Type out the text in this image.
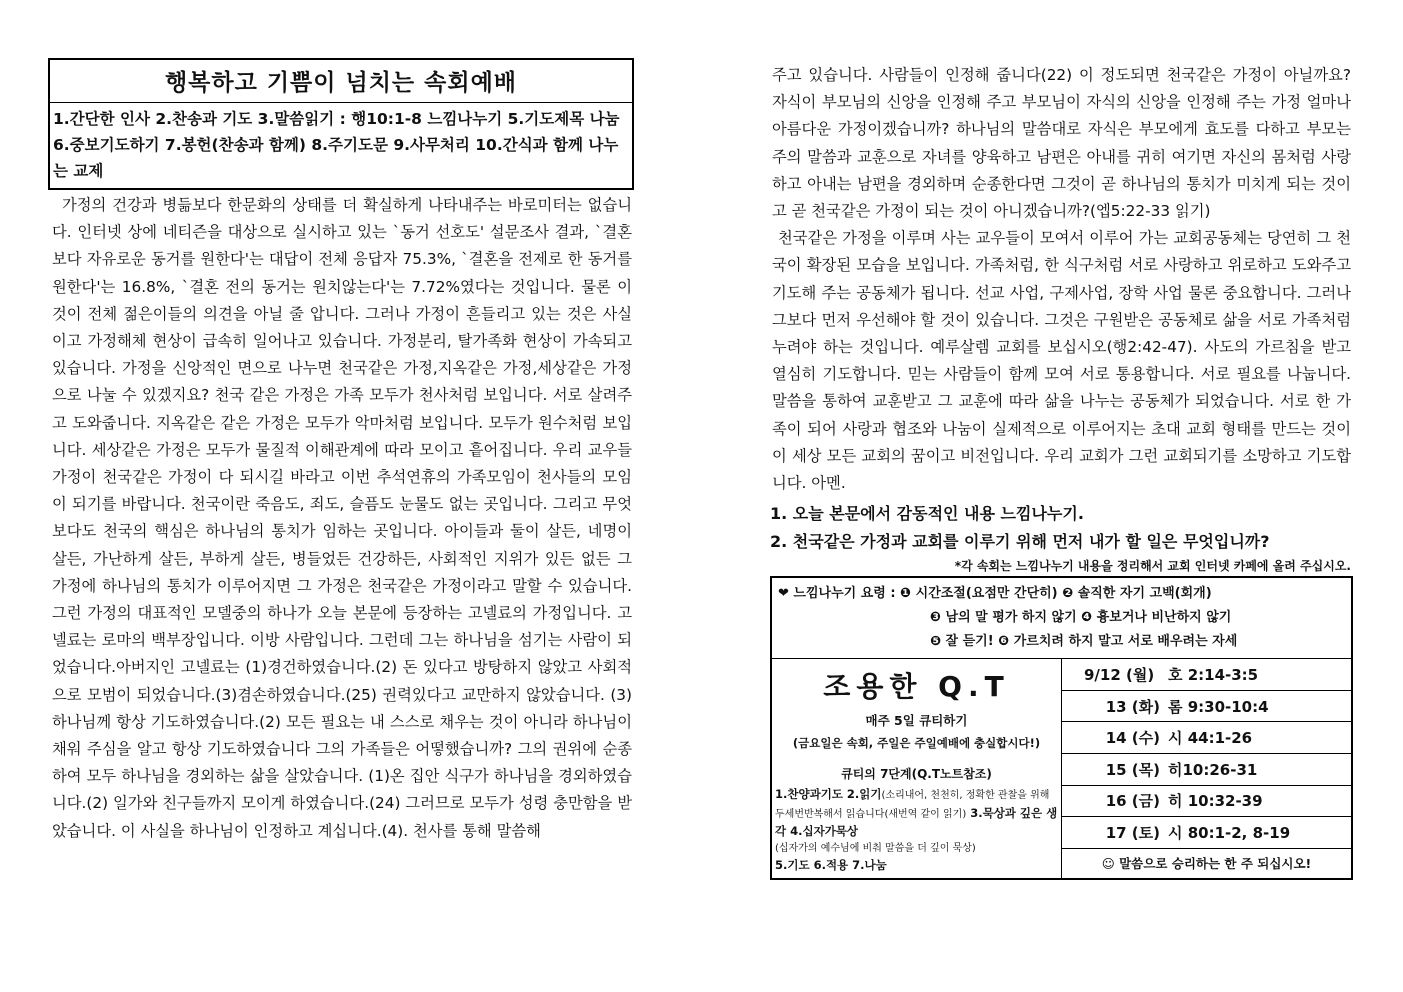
행복하고 기쁨이 넘치는 속회예배
1.간단한 인사 2.찬송과 기도 3.말씀읽기 : 행10:1-8 느낌나누기 5.기도제목 나눔 6.중보기도하기 7.봉헌(찬송과 함께) 8.주기도문 9.사무처리 10.간식과 함께 나누는 교제

가정의 건강과 병듦보다 한문화의 상태를 더 확실하게 나타내주는 바로미터는 없습니다. 인터넷 상에 네티즌을 대상으로 실시하고 있는 `동거 선호도' 설문조사 결과, `결혼보다 자유로운 동거를 원한다'는 대답이 전체 응답자 75.3%, `결혼을 전제로 한 동거를 원한다'는 16.8%, `결혼 전의 동거는 원치않는다'는 7.72%였다는 것입니다. 물론 이것이 전체 젊은이들의 의견을 아닐 줄 압니다. 그러나 가정이 흔들리고 있는 것은 사실이고 가정해체 현상이 급속히 일어나고 있습니다. 가정분리, 탈가족화 현상이 가속되고 있습니다. 가정을 신앙적인 면으로 나누면 천국같은 가정,지옥같은 가정,세상같은 가정으로 나눌 수 있겠지요? 천국 같은 가정은 가족 모두가 천사처럼 보입니다. 서로 살려주고 도와줍니다. 지옥같은 같은 가정은 모두가 악마처럼 보입니다. 모두가 원수처럼 보입니다. 세상같은 가정은 모두가 물질적 이해관계에 따라 모이고 흩어집니다. 우리 교우들 가정이 천국같은 가정이 다 되시길 바라고 이번 추석연휴의 가족모임이 천사들의 모임이 되기를 바랍니다. 천국이란 죽음도, 죄도, 슬픔도 눈물도 없는 곳입니다. 그리고 무엇보다도 천국의 핵심은 하나님의 통치가 임하는 곳입니다. 아이들과 둘이 살든, 네명이 살든, 가난하게 살든, 부하게 살든, 병들었든 건강하든, 사회적인 지위가 있든 없든 그 가정에 하나님의 통치가 이루어지면 그 가정은 천국같은 가정이라고 말할 수 있습니다. 그런 가정의 대표적인 모델중의 하나가 오늘 본문에 등장하는 고넬료의 가정입니다. 고넬료는 로마의 백부장입니다. 이방 사람입니다. 그런데 그는 하나님을 섬기는 사람이 되었습니다.아버지인 고넬료는 (1)경건하였습니다.(2) 돈 있다고 방탕하지 않았고 사회적으로 모범이 되었습니다.(3)겸손하였습니다.(25) 권력있다고 교만하지 않았습니다. (3)하나님께 항상 기도하였습니다.(2) 모든 필요는 내 스스로 채우는 것이 아니라 하나님이 채워 주심을 알고 항상 기도하였습니다 그의 가족들은 어떻했습니까? 그의 권위에 순종하여 모두 하나님을 경외하는 삶을 살았습니다. (1)온 집안 식구가 하나님을 경외하였습니다.(2) 일가와 친구들까지 모이게 하였습니다.(24) 그러므로 모두가 성령 충만함을 받았습니다. 이 사실을 하나님이 인정하고 계십니다.(4). 천사를 통해 말씀해

주고 있습니다. 사람들이 인정해 줍니다(22) 이 정도되면 천국같은 가정이 아닐까요? 자식이 부모님의 신앙을 인정해 주고 부모님이 자식의 신앙을 인정해 주는 가정 얼마나 아름다운 가정이겠습니까? 하나님의 말씀대로 자식은 부모에게 효도를 다하고 부모는 주의 말씀과 교훈으로 자녀를 양육하고 남편은 아내를 귀히 여기면 자신의 몸처럼 사랑하고 아내는 남편을 경외하며 순종한다면 그것이 곧 하나님의 통치가 미치게 되는 것이고 곧 천국같은 가정이 되는 것이 아니겠습니까?(엡5:22-33 읽기)

천국같은 가정을 이루며 사는 교우들이 모여서 이루어 가는 교회공동체는 당연히 그 천국이 확장된 모습을 보입니다. 가족처럼, 한 식구처럼 서로 사랑하고 위로하고 도와주고 기도해 주는 공동체가 됩니다. 선교 사업, 구제사업, 장학 사업 물론 중요합니다. 그러나 그보다 먼저 우선해야 할 것이 있습니다. 그것은 구원받은 공동체로 삶을 서로 가족처럼 누려야 하는 것입니다. 예루살렘 교회를 보십시오(행2:42-47). 사도의 가르침을 받고 열심히 기도합니다. 믿는 사람들이 함께 모여 서로 통용합니다. 서로 필요를 나눕니다. 말씀을 통하여 교훈받고 그 교훈에 따라 삶을 나누는 공동체가 되었습니다. 서로 한 가족이 되어 사랑과 협조와 나눔이 실제적으로 이루어지는 초대 교회 형태를 만드는 것이 이 세상 모든 교회의 꿈이고 비전입니다. 우리 교회가 그런 교회되기를 소망하고 기도합니다. 아멘.

1. 오늘 본문에서 감동적인 내용 느낌나누기.
2. 천국같은 가정과 교회를 이루기 위해 먼저 내가 할 일은 무엇입니까?
*각 속회는 느낌나누기 내용을 정리해서 교회 인터넷 카페에 올려 주십시오.
❤ 느낌나누기 요령 : ❶ 시간조절(요점만 간단히) ❷ 솔직한 자기 고백(회개)
❸ 남의 말 평가 하지 않기 ❹ 흉보거나 비난하지 않기
❺ 잘 듣기! ❻ 가르치려 하지 말고 서로 배우려는 자세
조용한 Q.T
매주 5일 큐티하기
(금요일은 속회, 주일은 주일예배에 충실합시다!)
큐티의 7단계(Q.T노트참조)
1.찬양과기도 2.읽기(소리내어, 천천히, 정확한 관찰을 위해 두세번반복해서 읽습니다(새번역 같이 읽기) 3.묵상과 깊은 생각 4.십자가묵상
(십자가의 예수님에 비춰 말씀을 더 깊이 묵상)
5.기도 6.적용 7.나눔
9/12 (월) 호 2:14-3:5
13 (화) 롬 9:30-10:4
14 (수) 시 44:1-26
15 (목) 히10:26-31
16 (금) 히 10:32-39
17 (토) 시 80:1-2, 8-19
☺ 말씀으로 승리하는 한 주 되십시오!
